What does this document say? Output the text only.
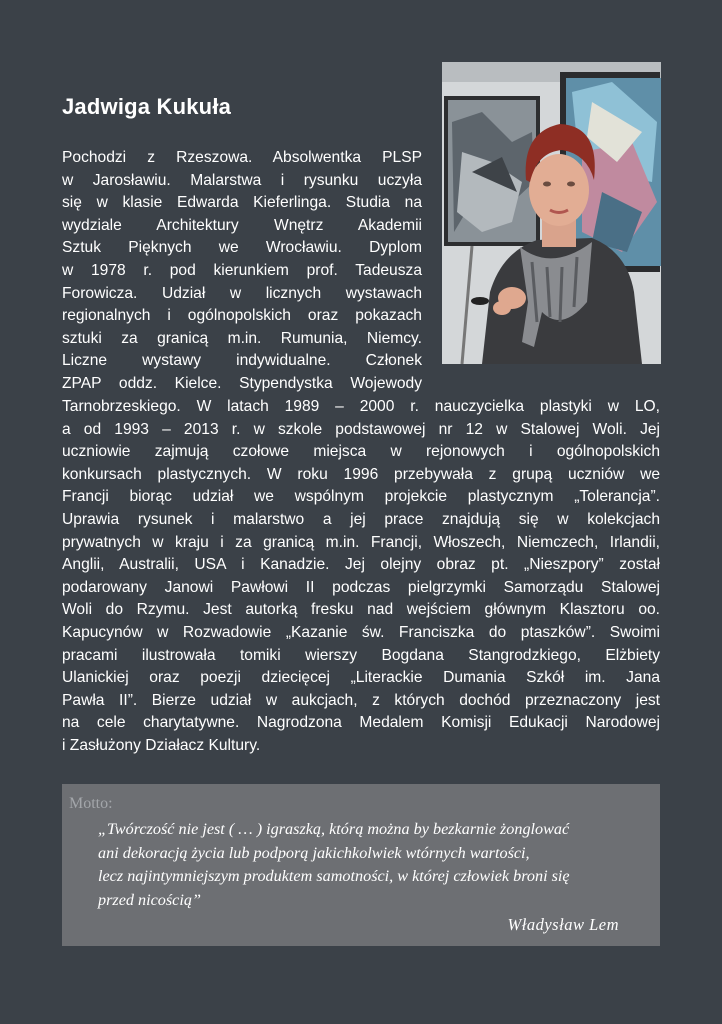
Jadwiga Kukuła
Pochodzi z Rzeszowa. Absolwentka PLSP
w Jarosławiu. Malarstwa i rysunku uczyła
się w klasie Edwarda Kieferlinga. Studia na
wydziale Architektury Wnętrz Akademii
Sztuk Pięknych we Wrocławiu. Dyplom
w 1978 r. pod kierunkiem prof. Tadeusza
Forowicza. Udział w licznych wystawach
regionalnych i ogólnopolskich oraz pokazach
sztuki za granicą m.in. Rumunia, Niemcy.
Liczne wystawy indywidualne. Członek
ZPAP oddz. Kielce. Stypendystka Wojewody
Tarnobrzeskiego. W latach 1989 – 2000 r. nauczycielka plastyki w LO,
a od 1993 – 2013 r. w szkole podstawowej nr 12 w Stalowej Woli. Jej
uczniowie zajmują czołowe miejsca w rejonowych i ogólnopolskich
konkursach plastycznych. W roku 1996 przebywała z grupą uczniów we
Francji biorąc udział we wspólnym projekcie plastycznym „Tolerancja”.
Uprawia rysunek i malarstwo a jej prace znajdują się w kolekcjach
prywatnych w kraju i za granicą m.in. Francji, Włoszech, Niemczech, Irlandii,
Anglii, Australii, USA i Kanadzie. Jej olejny obraz pt. „Nieszpory” został
podarowany Janowi Pawłowi II podczas pielgrzymki Samorządu Stalowej
Woli do Rzymu. Jest autorką fresku nad wejściem głównym Klasztoru oo.
Kapucynów w Rozwadowie „Kazanie św. Franciszka do ptaszków”. Swoimi
pracami ilustrowała tomiki wierszy Bogdana Stangrodzkiego, Elżbiety
Ulanickiej oraz poezji dziecięcej „Literackie Dumania Szkół im. Jana
Pawła II”. Bierze udział w aukcjach, z których dochód przeznaczony jest
na cele charytatywne. Nagrodzona Medalem Komisji Edukacji Narodowej
i Zasłużony Działacz Kultury.
Motto:
„Twórczość nie jest ( … ) igraszką, którą można by bezkarnie żonglować
ani dekoracją życia lub podporą jakichkolwiek wtórnych wartości,
lecz najintymniejszym produktem samotności, w której człowiek broni się
przed nicością”
Władysław Lem
